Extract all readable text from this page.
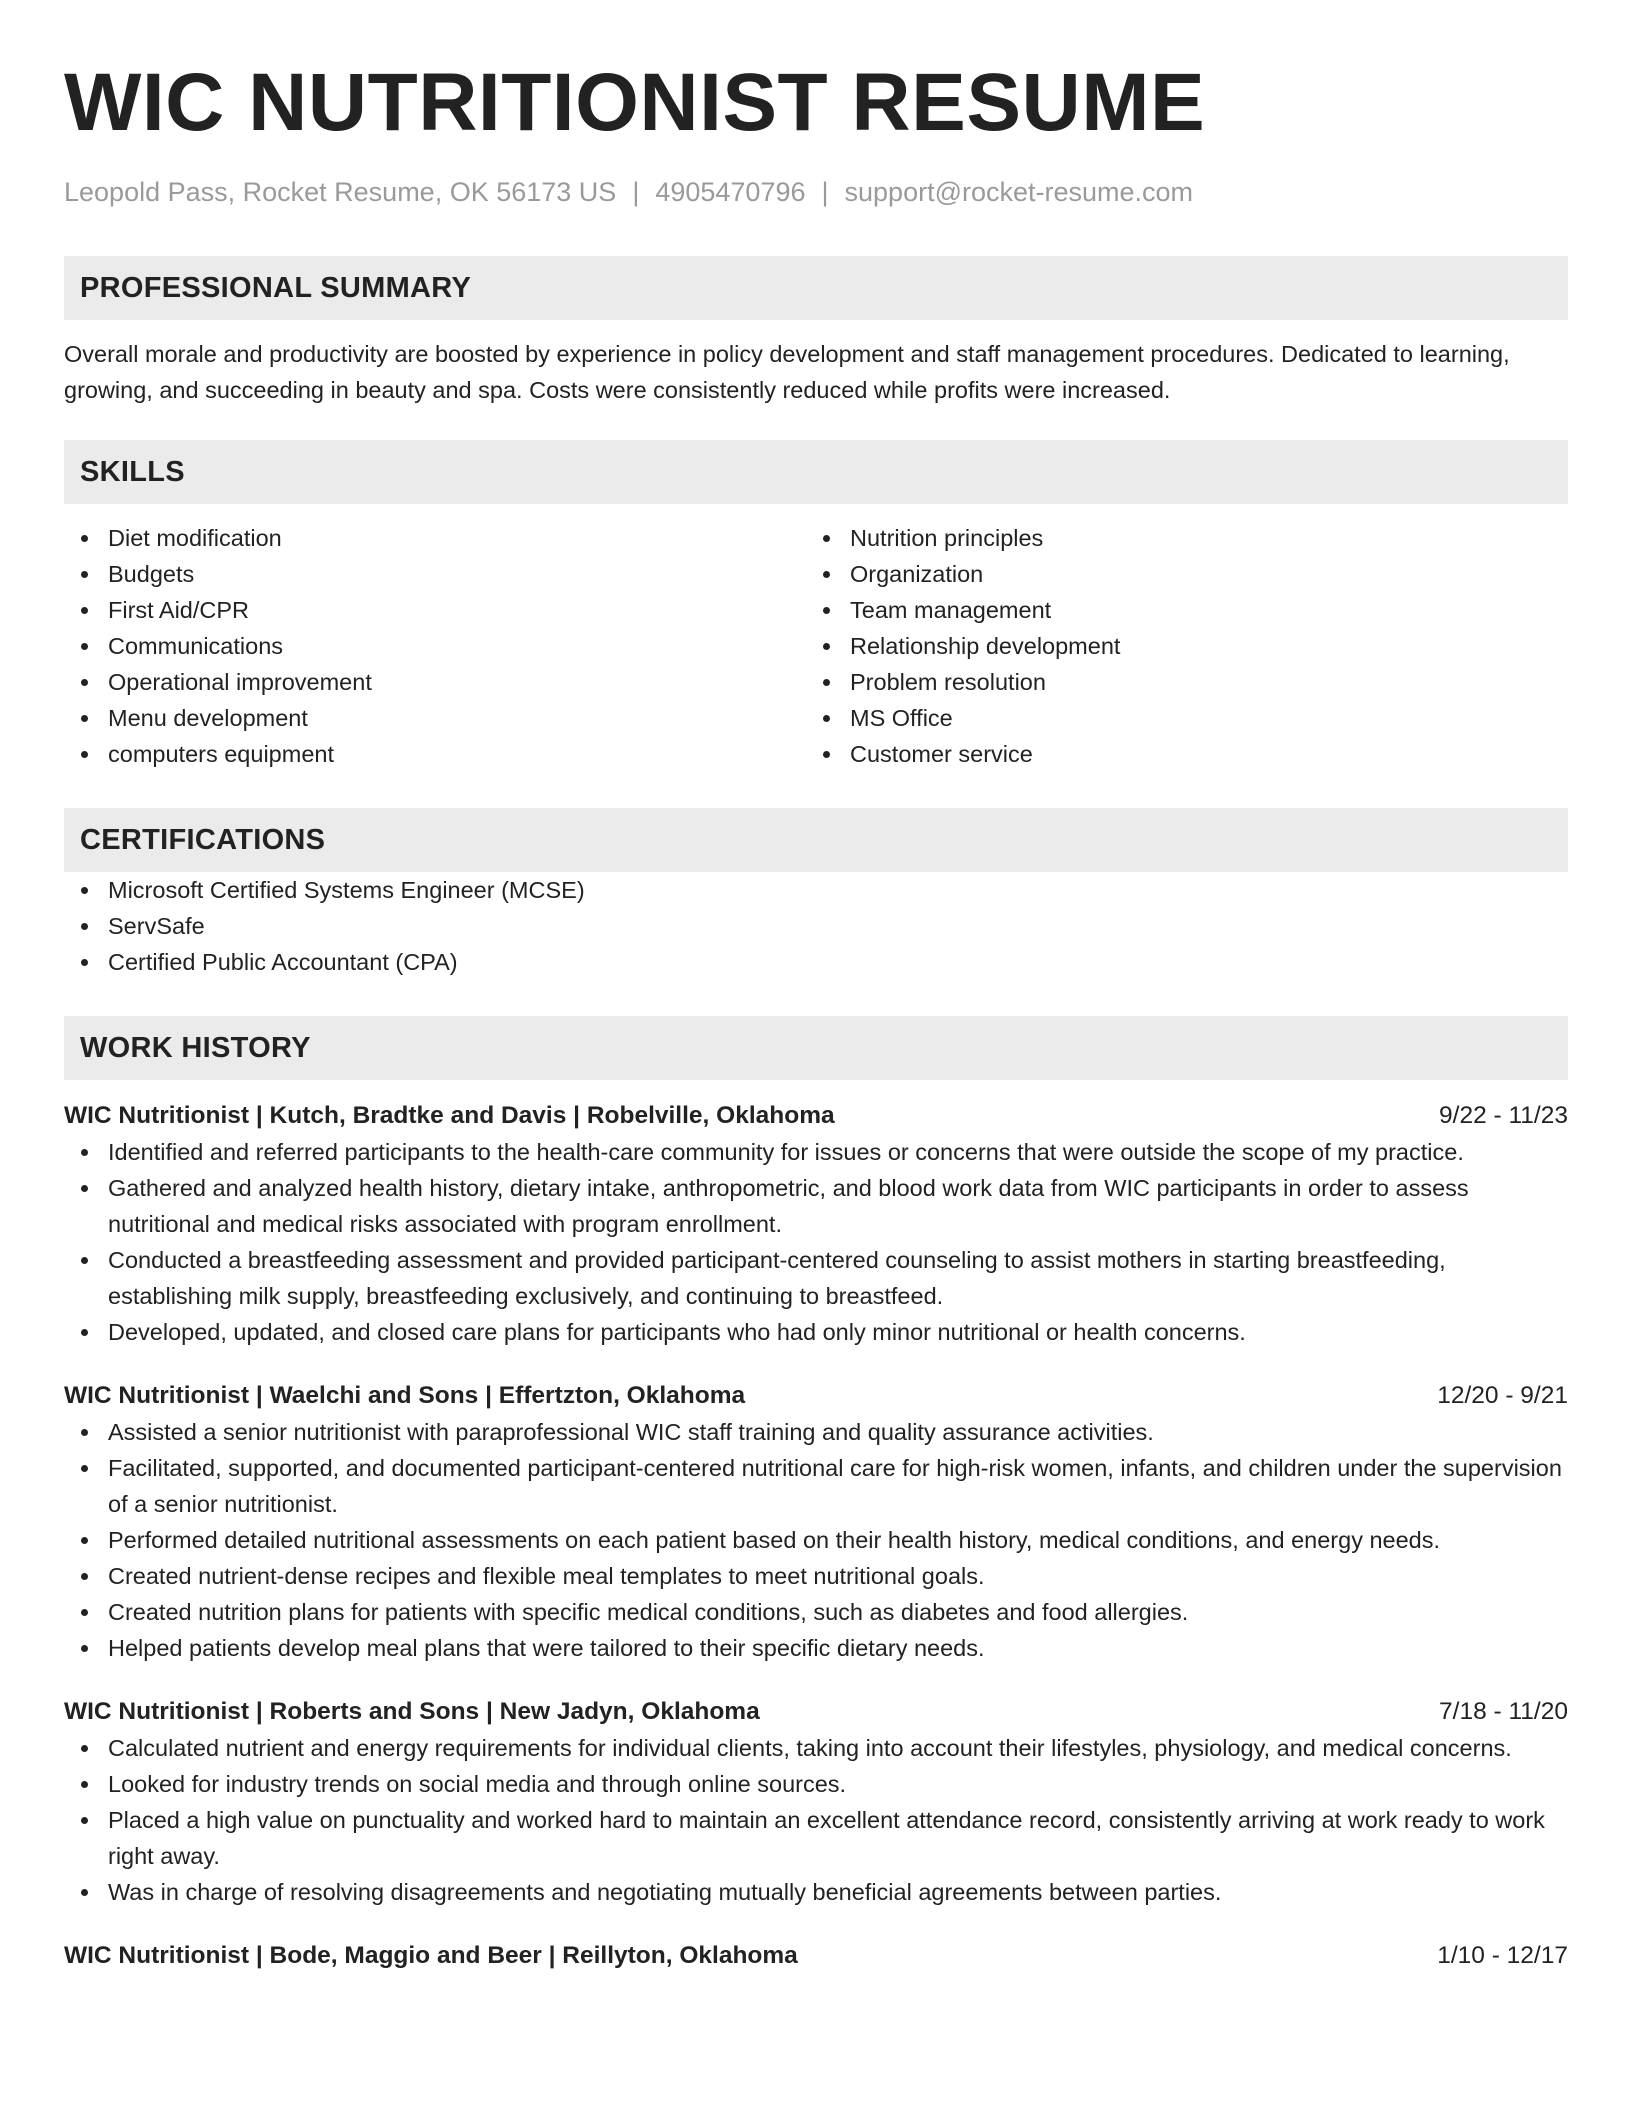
WIC NUTRITIONIST RESUME
Leopold Pass, Rocket Resume, OK 56173 US | 4905470796 | support@rocket-resume.com
PROFESSIONAL SUMMARY
Overall morale and productivity are boosted by experience in policy development and staff management procedures. Dedicated to learning, growing, and succeeding in beauty and spa. Costs were consistently reduced while profits were increased.
SKILLS
Diet modification
Budgets
First Aid/CPR
Communications
Operational improvement
Menu development
computers equipment
Nutrition principles
Organization
Team management
Relationship development
Problem resolution
MS Office
Customer service
CERTIFICATIONS
Microsoft Certified Systems Engineer (MCSE)
ServSafe
Certified Public Accountant (CPA)
WORK HISTORY
WIC Nutritionist | Kutch, Bradtke and Davis | Robelville, Oklahoma	9/22 - 11/23
Identified and referred participants to the health-care community for issues or concerns that were outside the scope of my practice.
Gathered and analyzed health history, dietary intake, anthropometric, and blood work data from WIC participants in order to assess nutritional and medical risks associated with program enrollment.
Conducted a breastfeeding assessment and provided participant-centered counseling to assist mothers in starting breastfeeding, establishing milk supply, breastfeeding exclusively, and continuing to breastfeed.
Developed, updated, and closed care plans for participants who had only minor nutritional or health concerns.
WIC Nutritionist | Waelchi and Sons | Effertzton, Oklahoma	12/20 - 9/21
Assisted a senior nutritionist with paraprofessional WIC staff training and quality assurance activities.
Facilitated, supported, and documented participant-centered nutritional care for high-risk women, infants, and children under the supervision of a senior nutritionist.
Performed detailed nutritional assessments on each patient based on their health history, medical conditions, and energy needs.
Created nutrient-dense recipes and flexible meal templates to meet nutritional goals.
Created nutrition plans for patients with specific medical conditions, such as diabetes and food allergies.
Helped patients develop meal plans that were tailored to their specific dietary needs.
WIC Nutritionist | Roberts and Sons | New Jadyn, Oklahoma	7/18 - 11/20
Calculated nutrient and energy requirements for individual clients, taking into account their lifestyles, physiology, and medical concerns.
Looked for industry trends on social media and through online sources.
Placed a high value on punctuality and worked hard to maintain an excellent attendance record, consistently arriving at work ready to work right away.
Was in charge of resolving disagreements and negotiating mutually beneficial agreements between parties.
WIC Nutritionist | Bode, Maggio and Beer | Reillyton, Oklahoma	1/10 - 12/17
